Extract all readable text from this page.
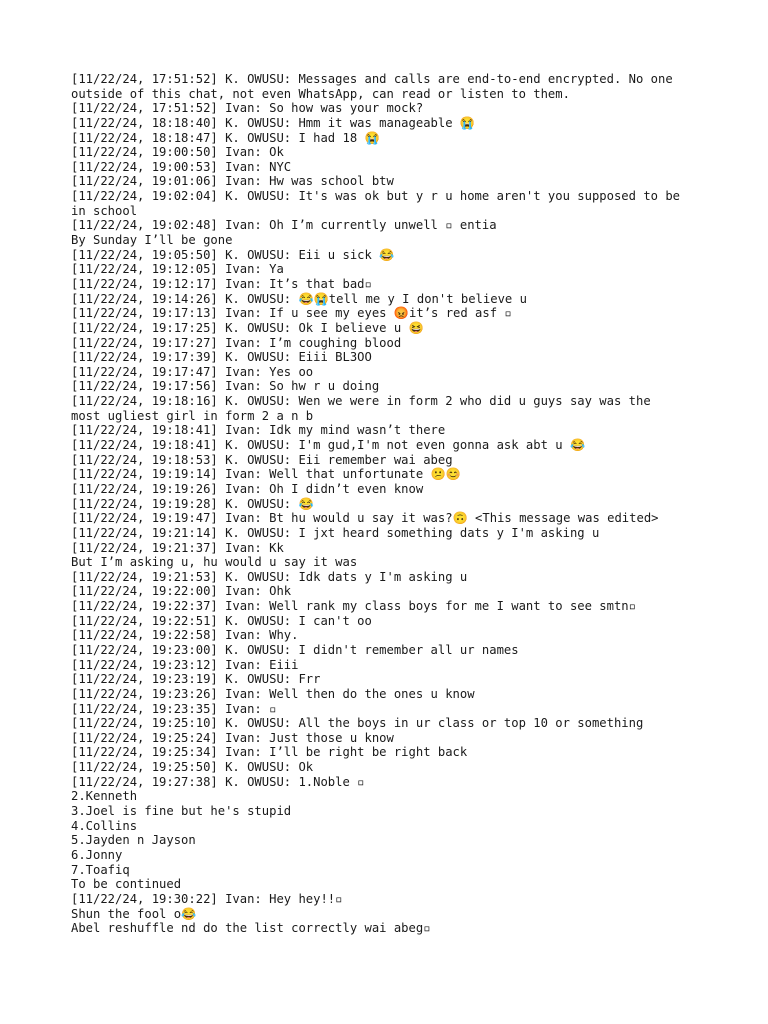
[11/22/24, 17:51:52] K. OWUSU: Messages and calls are end-to-end encrypted. No one
outside of this chat, not even WhatsApp, can read or listen to them.
[11/22/24, 17:51:52] Ivan: So how was your mock?
[11/22/24, 18:18:40] K. OWUSU: Hmm it was manageable 😭
[11/22/24, 18:18:47] K. OWUSU: I had 18 😭
[11/22/24, 19:00:50] Ivan: Ok
[11/22/24, 19:00:53] Ivan: NYC
[11/22/24, 19:01:06] Ivan: Hw was school btw
[11/22/24, 19:02:04] K. OWUSU: It's was ok but y r u home aren't you supposed to be
in school
[11/22/24, 19:02:48] Ivan: Oh I’m currently unwell ▫ entia
By Sunday I’ll be gone
[11/22/24, 19:05:50] K. OWUSU: Eii u sick 😂
[11/22/24, 19:12:05] Ivan: Ya
[11/22/24, 19:12:17] Ivan: It’s that bad▫
[11/22/24, 19:14:26] K. OWUSU: 😂😭tell me y I don't believe u
[11/22/24, 19:17:13] Ivan: If u see my eyes 😡it’s red asf ▫
[11/22/24, 19:17:25] K. OWUSU: Ok I believe u 😆
[11/22/24, 19:17:27] Ivan: I’m coughing blood
[11/22/24, 19:17:39] K. OWUSU: Eiii BL3OO
[11/22/24, 19:17:47] Ivan: Yes oo
[11/22/24, 19:17:56] Ivan: So hw r u doing
[11/22/24, 19:18:16] K. OWUSU: Wen we were in form 2 who did u guys say was the
most ugliest girl in form 2 a n b
[11/22/24, 19:18:41] Ivan: Idk my mind wasn’t there
[11/22/24, 19:18:41] K. OWUSU: I'm gud,I'm not even gonna ask abt u 😂
[11/22/24, 19:18:53] K. OWUSU: Eii remember wai abeg
[11/22/24, 19:19:14] Ivan: Well that unfortunate 😕😊
[11/22/24, 19:19:26] Ivan: Oh I didn’t even know
[11/22/24, 19:19:28] K. OWUSU: 😂
[11/22/24, 19:19:47] Ivan: Bt hu would u say it was?🙃 <This message was edited>
[11/22/24, 19:21:14] K. OWUSU: I jxt heard something dats y I'm asking u
[11/22/24, 19:21:37] Ivan: Kk
But I’m asking u, hu would u say it was
[11/22/24, 19:21:53] K. OWUSU: Idk dats y I'm asking u
[11/22/24, 19:22:00] Ivan: Ohk
[11/22/24, 19:22:37] Ivan: Well rank my class boys for me I want to see smtn▫
[11/22/24, 19:22:51] K. OWUSU: I can't oo
[11/22/24, 19:22:58] Ivan: Why.
[11/22/24, 19:23:00] K. OWUSU: I didn't remember all ur names
[11/22/24, 19:23:12] Ivan: Eiii
[11/22/24, 19:23:19] K. OWUSU: Frr
[11/22/24, 19:23:26] Ivan: Well then do the ones u know
[11/22/24, 19:23:35] Ivan: ▫
[11/22/24, 19:25:10] K. OWUSU: All the boys in ur class or top 10 or something
[11/22/24, 19:25:24] Ivan: Just those u know
[11/22/24, 19:25:34] Ivan: I’ll be right be right back
[11/22/24, 19:25:50] K. OWUSU: Ok
[11/22/24, 19:27:38] K. OWUSU: 1.Noble ▫
2.Kenneth
3.Joel is fine but he's stupid
4.Collins
5.Jayden n Jayson
6.Jonny
7.Toafiq
To be continued
[11/22/24, 19:30:22] Ivan: Hey hey!!▫
Shun the fool o😂
Abel reshuffle nd do the list correctly wai abeg▫
